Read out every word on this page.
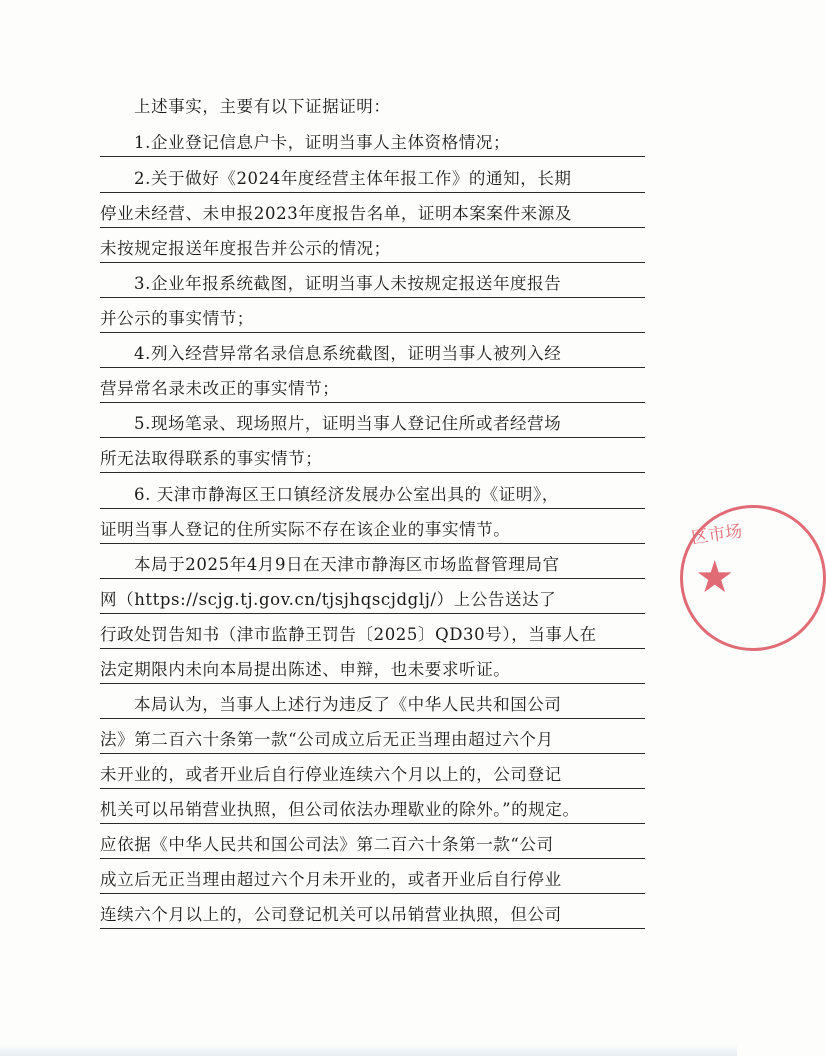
上述事实，主要有以下证据证明：
1.企业登记信息户卡，证明当事人主体资格情况；
2.关于做好《2024年度经营主体年报工作》的通知，长期
停业未经营、未申报2023年度报告名单，证明本案案件来源及
未按规定报送年度报告并公示的情况；
3.企业年报系统截图，证明当事人未按规定报送年度报告
并公示的事实情节；
4.列入经营异常名录信息系统截图，证明当事人被列入经
营异常名录未改正的事实情节；
5.现场笔录、现场照片，证明当事人登记住所或者经营场
所无法取得联系的事实情节；
6. 天津市静海区王口镇经济发展办公室出具的《证明》，
证明当事人登记的住所实际不存在该企业的事实情节。
本局于2025年4月9日在天津市静海区市场监督管理局官
网（https://scjg.tj.gov.cn/tjsjhqscjdglj/）上公告送达了
行政处罚告知书（津市监静王罚告〔2025〕QD30号），当事人在
法定期限内未向本局提出陈述、申辩，也未要求听证。
本局认为，当事人上述行为违反了《中华人民共和国公司
法》第二百六十条第一款“公司成立后无正当理由超过六个月
未开业的，或者开业后自行停业连续六个月以上的，公司登记
机关可以吊销营业执照，但公司依法办理歇业的除外。”的规定。
应依据《中华人民共和国公司法》第二百六十条第一款“公司
成立后无正当理由超过六个月未开业的，或者开业后自行停业
连续六个月以上的，公司登记机关可以吊销营业执照，但公司
区市场
★
